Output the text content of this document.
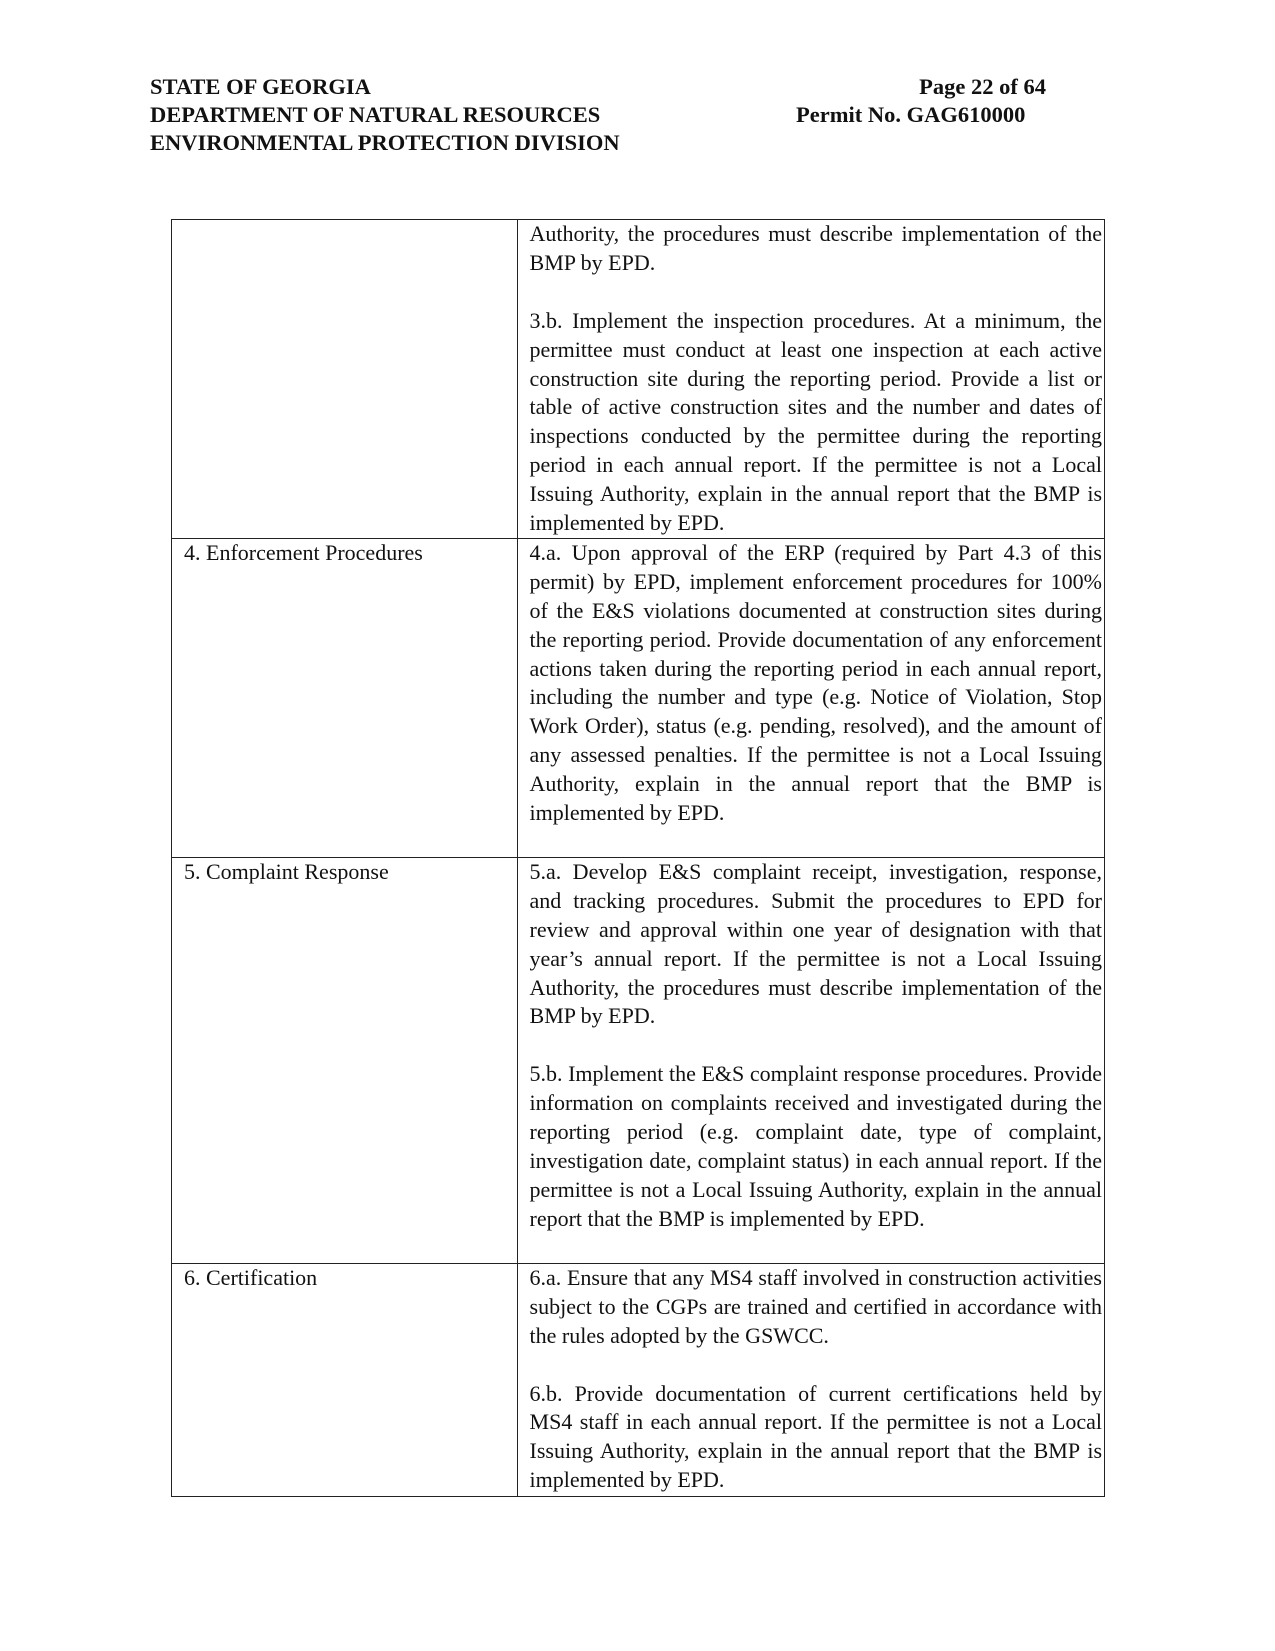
STATE OF GEORGIA
DEPARTMENT OF NATURAL RESOURCES
ENVIRONMENTAL PROTECTION DIVISION
Page 22 of 64
Permit No. GAG610000

	Authority, the procedures must describe implementation of the BMP by EPD.

3.b. Implement the inspection procedures. At a minimum, the permittee must conduct at least one inspection at each active construction site during the reporting period. Provide a list or table of active construction sites and the number and dates of inspections conducted by the permittee during the reporting period in each annual report. If the permittee is not a Local Issuing Authority, explain in the annual report that the BMP is implemented by EPD.

4. Enforcement Procedures	4.a. Upon approval of the ERP (required by Part 4.3 of this permit) by EPD, implement enforcement procedures for 100% of the E&S violations documented at construction sites during the reporting period. Provide documentation of any enforcement actions taken during the reporting period in each annual report, including the number and type (e.g. Notice of Violation, Stop Work Order), status (e.g. pending, resolved), and the amount of any assessed penalties. If the permittee is not a Local Issuing Authority, explain in the annual report that the BMP is implemented by EPD.

5. Complaint Response	5.a. Develop E&S complaint receipt, investigation, response, and tracking procedures. Submit the procedures to EPD for review and approval within one year of designation with that year’s annual report. If the permittee is not a Local Issuing Authority, the procedures must describe implementation of the BMP by EPD.

5.b. Implement the E&S complaint response procedures. Provide information on complaints received and investigated during the reporting period (e.g. complaint date, type of complaint, investigation date, complaint status) in each annual report. If the permittee is not a Local Issuing Authority, explain in the annual report that the BMP is implemented by EPD.

6. Certification	6.a. Ensure that any MS4 staff involved in construction activities subject to the CGPs are trained and certified in accordance with the rules adopted by the GSWCC.

6.b. Provide documentation of current certifications held by MS4 staff in each annual report. If the permittee is not a Local Issuing Authority, explain in the annual report that the BMP is implemented by EPD.
